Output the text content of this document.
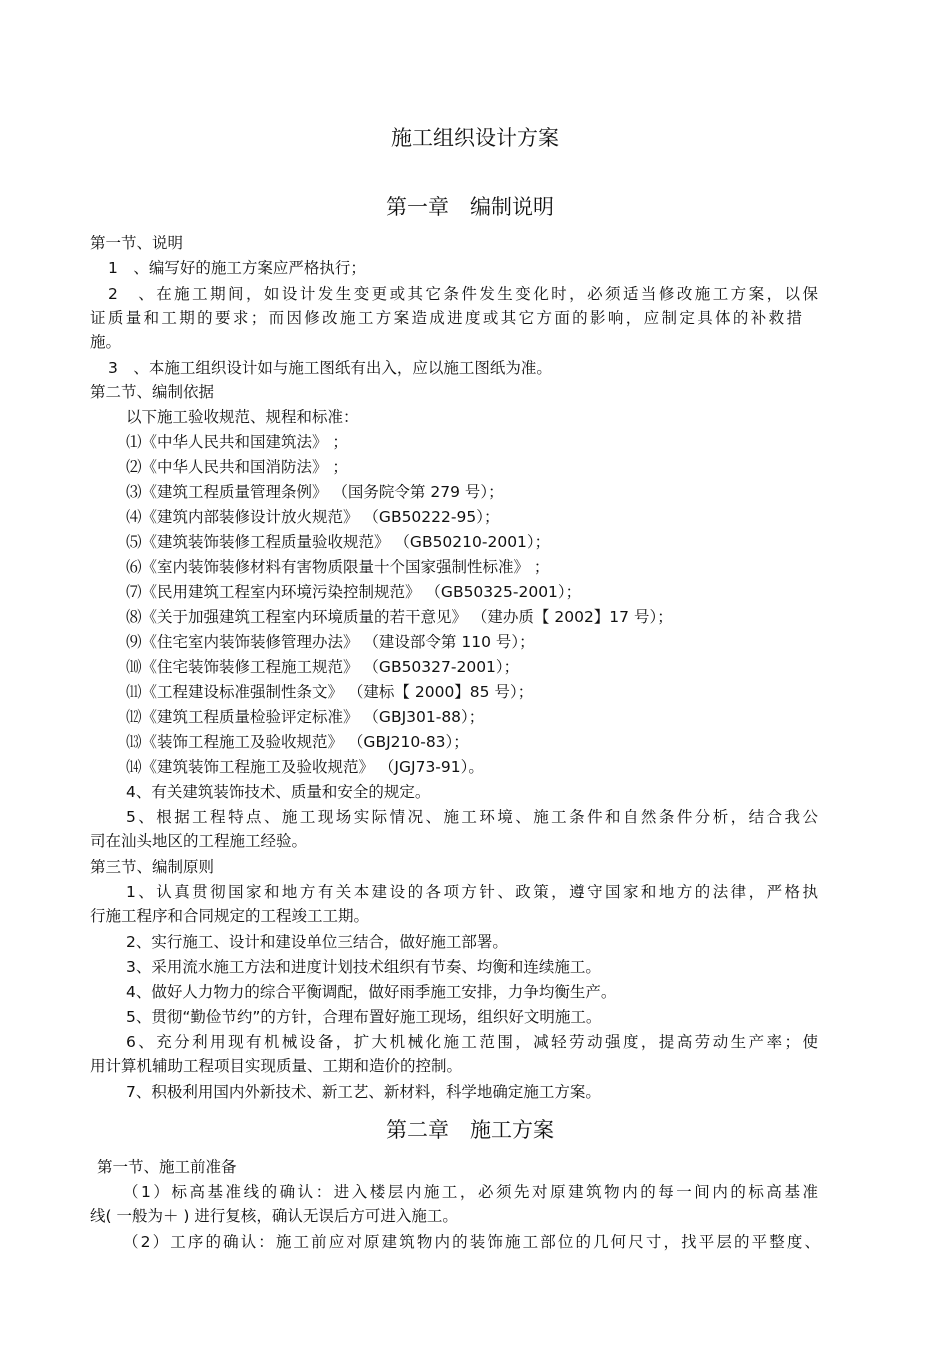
施工组织设计方案
第一章　编制说明

第一节、说明

1　、编写好的施工方案应严格执行；

2　、在施工期间，如设计发生变更或其它条件发生变化时，必须适当修改施工方案，以保

证质量和工期的要求；而因修改施工方案造成进度或其它方面的影响，应制定具体的补救措

施。

3　、本施工组织设计如与施工图纸有出入，应以施工图纸为准。

第二节、编制依据

以下施工验收规范、规程和标准：

⑴《中华人民共和国建筑法》 ；

⑵《中华人民共和国消防法》 ；

⑶《建筑工程质量管理条例》 （国务院令第 279 号）；

⑷《建筑内部装修设计放火规范》 （GB50222-95）；

⑸《建筑装饰装修工程质量验收规范》 （GB50210-2001）；

⑹《室内装饰装修材料有害物质限量十个国家强制性标准》 ；

⑺《民用建筑工程室内环境污染控制规范》 （GB50325-2001）；

⑻《关于加强建筑工程室内环境质量的若干意见》 （建办质【 2002】17 号）；

⑼《住宅室内装饰装修管理办法》 （建设部令第 110 号）；

⑽《住宅装饰装修工程施工规范》 （GB50327-2001）；

⑾《工程建设标准强制性条文》 （建标【 2000】85 号）；

⑿《建筑工程质量检验评定标准》 （GBJ301-88）；

⒀《装饰工程施工及验收规范》 （GBJ210-83）；

⒁《建筑装饰工程施工及验收规范》 （JGJ73-91）。

4、有关建筑装饰技术、质量和安全的规定。

5、根据工程特点、施工现场实际情况、施工环境、施工条件和自然条件分析，结合我公

司在汕头地区的工程施工经验。

第三节、编制原则

1、认真贯彻国家和地方有关本建设的各项方针、政策，遵守国家和地方的法律，严格执

行施工程序和合同规定的工程竣工工期。

2、实行施工、设计和建设单位三结合，做好施工部署。

3、采用流水施工方法和进度计划技术组织有节奏、均衡和连续施工。

4、做好人力物力的综合平衡调配，做好雨季施工安排，力争均衡生产。

5、贯彻“勤俭节约”的方针，合理布置好施工现场，组织好文明施工。

6、充分利用现有机械设备，扩大机械化施工范围，减轻劳动强度，提高劳动生产率；使

用计算机辅助工程项目实现质量、工期和造价的控制。

7、积极利用国内外新技术、新工艺、新材料，科学地确定施工方案。

第二章　施工方案

第一节、施工前准备

（1）标高基准线的确认：进入楼层内施工，必须先对原建筑物内的每一间内的标高基准

线( 一般为＋ ) 进行复核，确认无误后方可进入施工。

（2）工序的确认：施工前应对原建筑物内的装饰施工部位的几何尺寸，找平层的平整度、
